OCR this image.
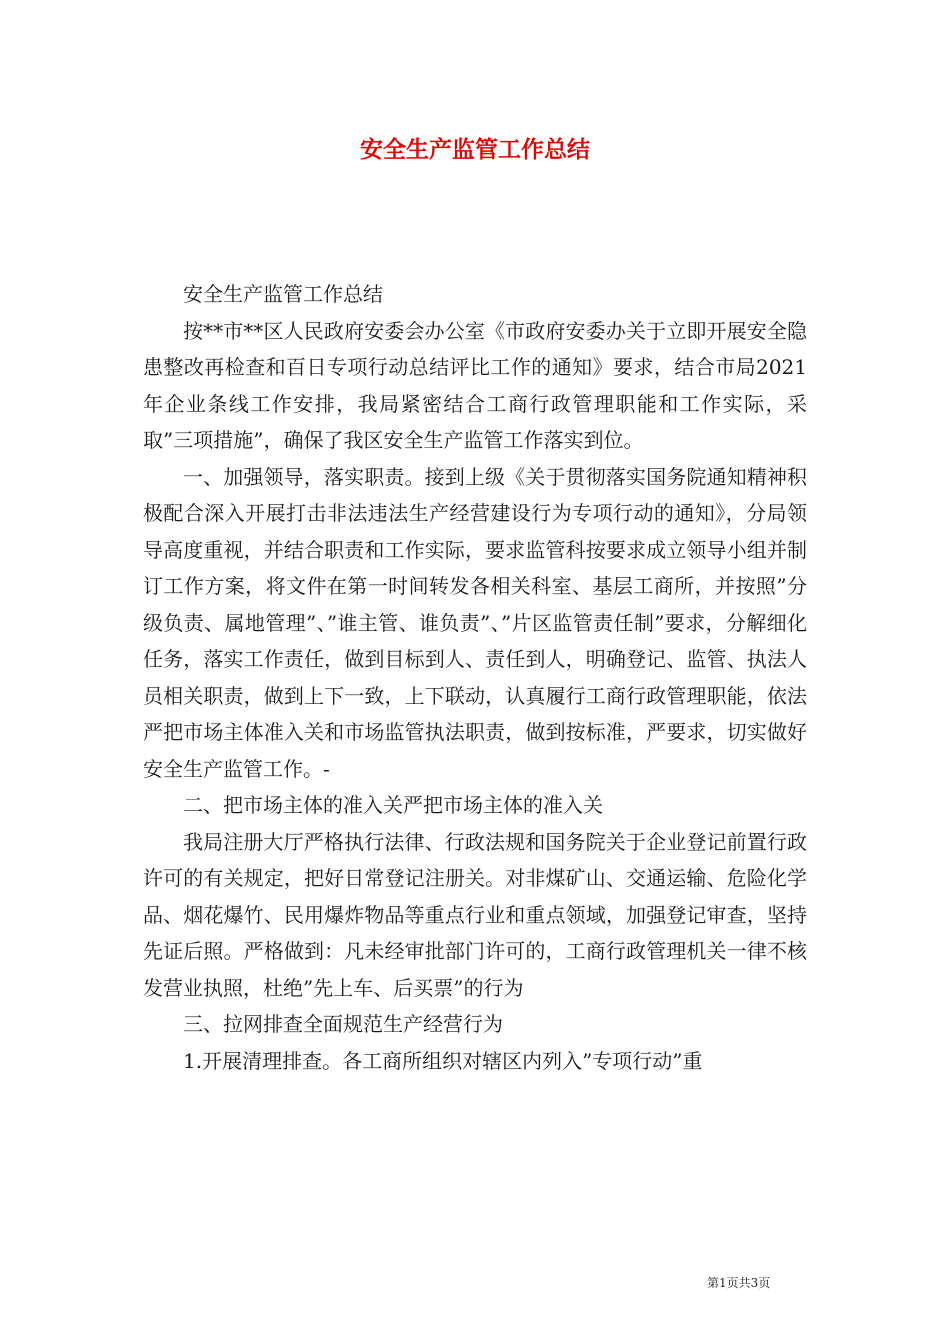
安全生产监管工作总结

安全生产监管工作总结

按**市**区人民政府安委会办公室《市政府安委办关于立即开展安全隐患整改再检查和百日专项行动总结评比工作的通知》要求，结合市局2021年企业条线工作安排，我局紧密结合工商行政管理职能和工作实际，采取”三项措施”，确保了我区安全生产监管工作落实到位。

一、加强领导，落实职责。接到上级《关于贯彻落实国务院通知精神积极配合深入开展打击非法违法生产经营建设行为专项行动的通知》，分局领导高度重视，并结合职责和工作实际，要求监管科按要求成立领导小组并制订工作方案，将文件在第一时间转发各相关科室、基层工商所，并按照”分级负责、属地管理”、”谁主管、谁负责”、”片区监管责任制”要求，分解细化任务，落实工作责任，做到目标到人、责任到人，明确登记、监管、执法人员相关职责，做到上下一致，上下联动，认真履行工商行政管理职能，依法严把市场主体准入关和市场监管执法职责，做到按标准，严要求，切实做好安全生产监管工作。-

二、把市场主体的准入关严把市场主体的准入关

我局注册大厅严格执行法律、行政法规和国务院关于企业登记前置行政许可的有关规定，把好日常登记注册关。对非煤矿山、交通运输、危险化学品、烟花爆竹、民用爆炸物品等重点行业和重点领域，加强登记审查，坚持先证后照。严格做到：凡未经审批部门许可的，工商行政管理机关一律不核发营业执照，杜绝”先上车、后买票”的行为

三、拉网排查全面规范生产经营行为

1.开展清理排查。各工商所组织对辖区内列入”专项行动”重

第1页共3页
